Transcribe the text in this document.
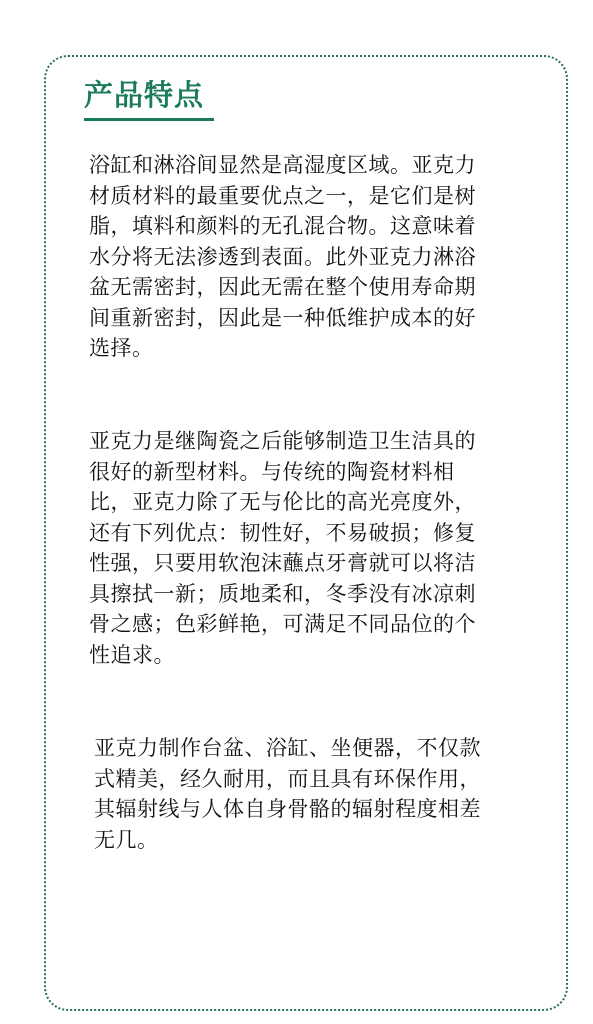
产品特点

浴缸和淋浴间显然是高湿度区域。亚克力
材质材料的最重要优点之一，是它们是树
脂，填料和颜料的无孔混合物。这意味着
水分将无法渗透到表面。此外亚克力淋浴
盆无需密封，因此无需在整个使用寿命期
间重新密封，因此是一种低维护成本的好
选择。

亚克力是继陶瓷之后能够制造卫生洁具的
很好的新型材料。与传统的陶瓷材料相
比，亚克力除了无与伦比的高光亮度外，
还有下列优点：韧性好，不易破损；修复
性强，只要用软泡沫蘸点牙膏就可以将洁
具擦拭一新；质地柔和，冬季没有冰凉刺
骨之感；色彩鲜艳，可满足不同品位的个
性追求。

亚克力制作台盆、浴缸、坐便器，不仅款
式精美，经久耐用，而且具有环保作用，
其辐射线与人体自身骨骼的辐射程度相差
无几。
